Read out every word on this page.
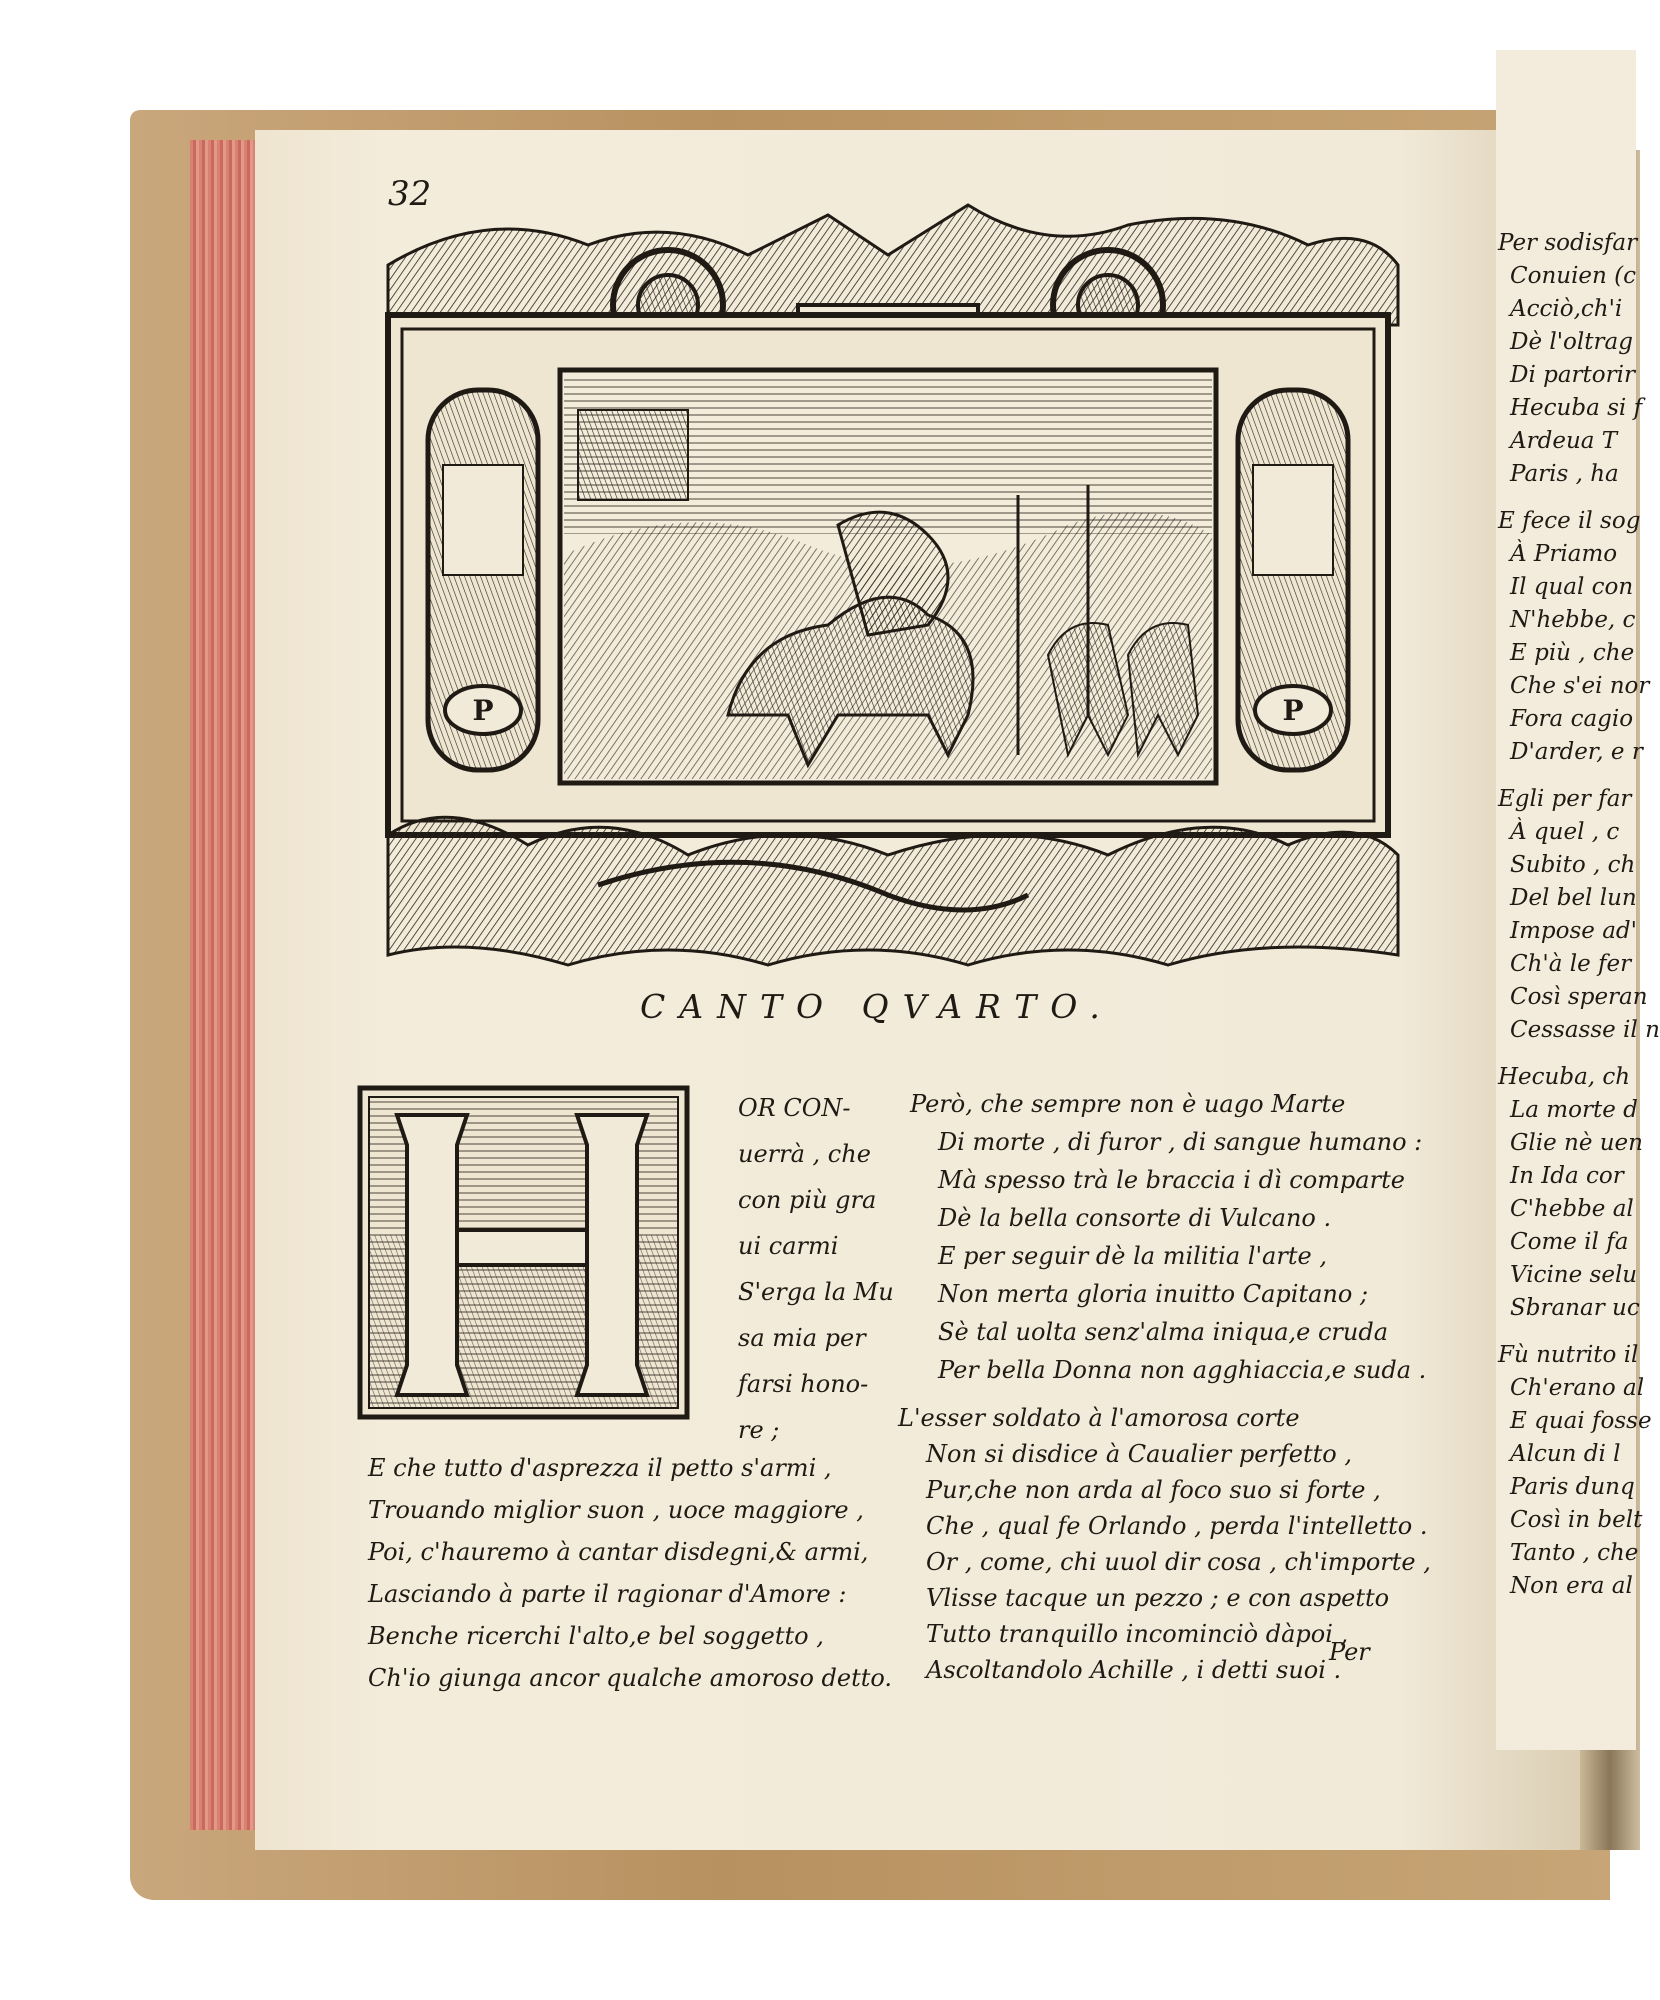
Per sodisfar
Conuien (c
Acciò,ch'i
Dè l'oltrag
Di partorir
Hecuba si f
Ardeua T
Paris , ha
E fece il sog
À Priamo
Il qual con
N'hebbe, c
E più , che
Che s'ei nor
Fora cagio
D'arder, e r
Egli per far
À quel , c
Subito , ch
Del bel lun
Impose ad'
Ch'à le fer
Così speran
Cessasse il n
Hecuba, ch
La morte d
Glie nè uen
In Ida cor
C'hebbe al
Come il fa
Vicine selu
Sbranar uc
Fù nutrito il
Ch'erano al
E quai fosse
Alcun di l
Paris dunq
Così in belt
Tanto , che
Non era al
32
P	P
CANTO QVARTO.
OR CON-
uerrà , che
con più gra
ui carmi
S'erga la Mu
sa mia per
farsi hono-
re ;
E che tutto d'asprezza il petto s'armi ,
Trouando miglior suon , uoce maggiore ,
Poi, c'hauremo à cantar disdegni,& armi,
Lasciando à parte il ragionar d'Amore :
Benche ricerchi l'alto,e bel soggetto ,
Ch'io giunga ancor qualche amoroso detto.
Però, che sempre non è uago Marte
Di morte , di furor , di sangue humano :
Mà spesso trà le braccia i dì comparte
Dè la bella consorte di Vulcano .
E per seguir dè la militia l'arte ,
Non merta gloria inuitto Capitano ;
Sè tal uolta senz'alma iniqua,e cruda
Per bella Donna non agghiaccia,e suda .
L'esser soldato à l'amorosa corte
Non si disdice à Caualier perfetto ,
Pur,che non arda al foco suo si forte ,
Che , qual fe Orlando , perda l'intelletto .
Or , come, chi uuol dir cosa , ch'importe ,
Vlisse tacque un pezzo ; e con aspetto
Tutto tranquillo incominciò dàpoi ,
Ascoltandolo Achille , i detti suoi .
Per
